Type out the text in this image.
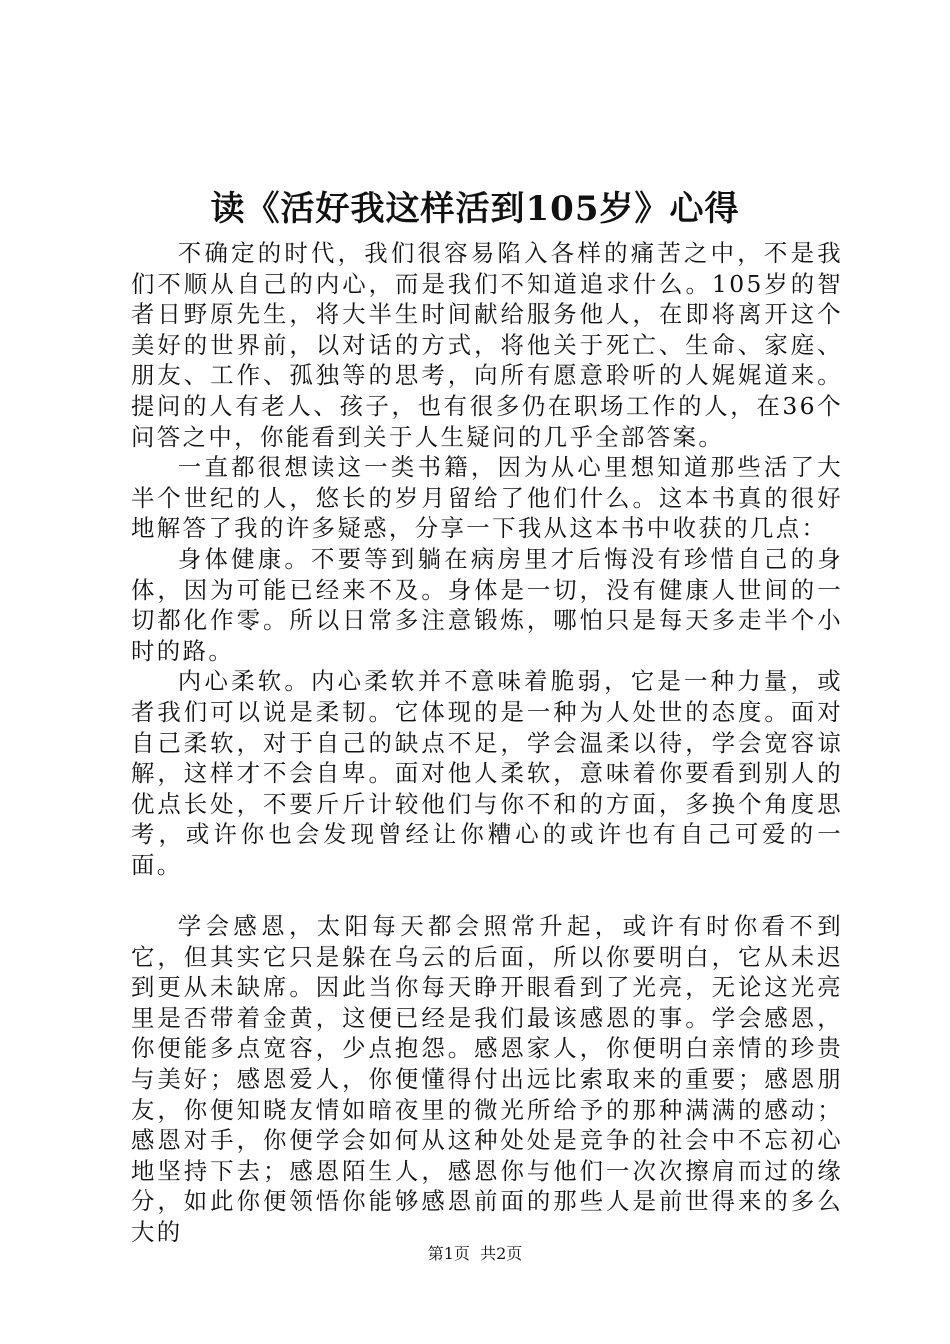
读《活好我这样活到105岁》心得

不确定的时代，我们很容易陷入各样的痛苦之中，不是我们不顺从自己的内心，而是我们不知道追求什么。105岁的智者日野原先生，将大半生时间献给服务他人，在即将离开这个美好的世界前，以对话的方式，将他关于死亡、生命、家庭、朋友、工作、孤独等的思考，向所有愿意聆听的人娓娓道来。提问的人有老人、孩子，也有很多仍在职场工作的人，在36个问答之中，你能看到关于人生疑问的几乎全部答案。

一直都很想读这一类书籍，因为从心里想知道那些活了大半个世纪的人，悠长的岁月留给了他们什么。这本书真的很好地解答了我的许多疑惑，分享一下我从这本书中收获的几点：

身体健康。不要等到躺在病房里才后悔没有珍惜自己的身体，因为可能已经来不及。身体是一切，没有健康人世间的一切都化作零。所以日常多注意锻炼，哪怕只是每天多走半个小时的路。

内心柔软。内心柔软并不意味着脆弱，它是一种力量，或者我们可以说是柔韧。它体现的是一种为人处世的态度。面对自己柔软，对于自己的缺点不足，学会温柔以待，学会宽容谅解，这样才不会自卑。面对他人柔软，意味着你要看到别人的优点长处，不要斤斤计较他们与你不和的方面，多换个角度思考，或许你也会发现曾经让你糟心的或许也有自己可爱的一面。

学会感恩，太阳每天都会照常升起，或许有时你看不到它，但其实它只是躲在乌云的后面，所以你要明白，它从未迟到更从未缺席。因此当你每天睁开眼看到了光亮，无论这光亮里是否带着金黄，这便已经是我们最该感恩的事。学会感恩，你便能多点宽容，少点抱怨。感恩家人，你便明白亲情的珍贵与美好；感恩爱人，你便懂得付出远比索取来的重要；感恩朋友，你便知晓友情如暗夜里的微光所给予的那种满满的感动；感恩对手，你便学会如何从这种处处是竞争的社会中不忘初心地坚持下去；感恩陌生人，感恩你与他们一次次擦肩而过的缘分，如此你便领悟你能够感恩前面的那些人是前世得来的多么大的

第1页  共2页
